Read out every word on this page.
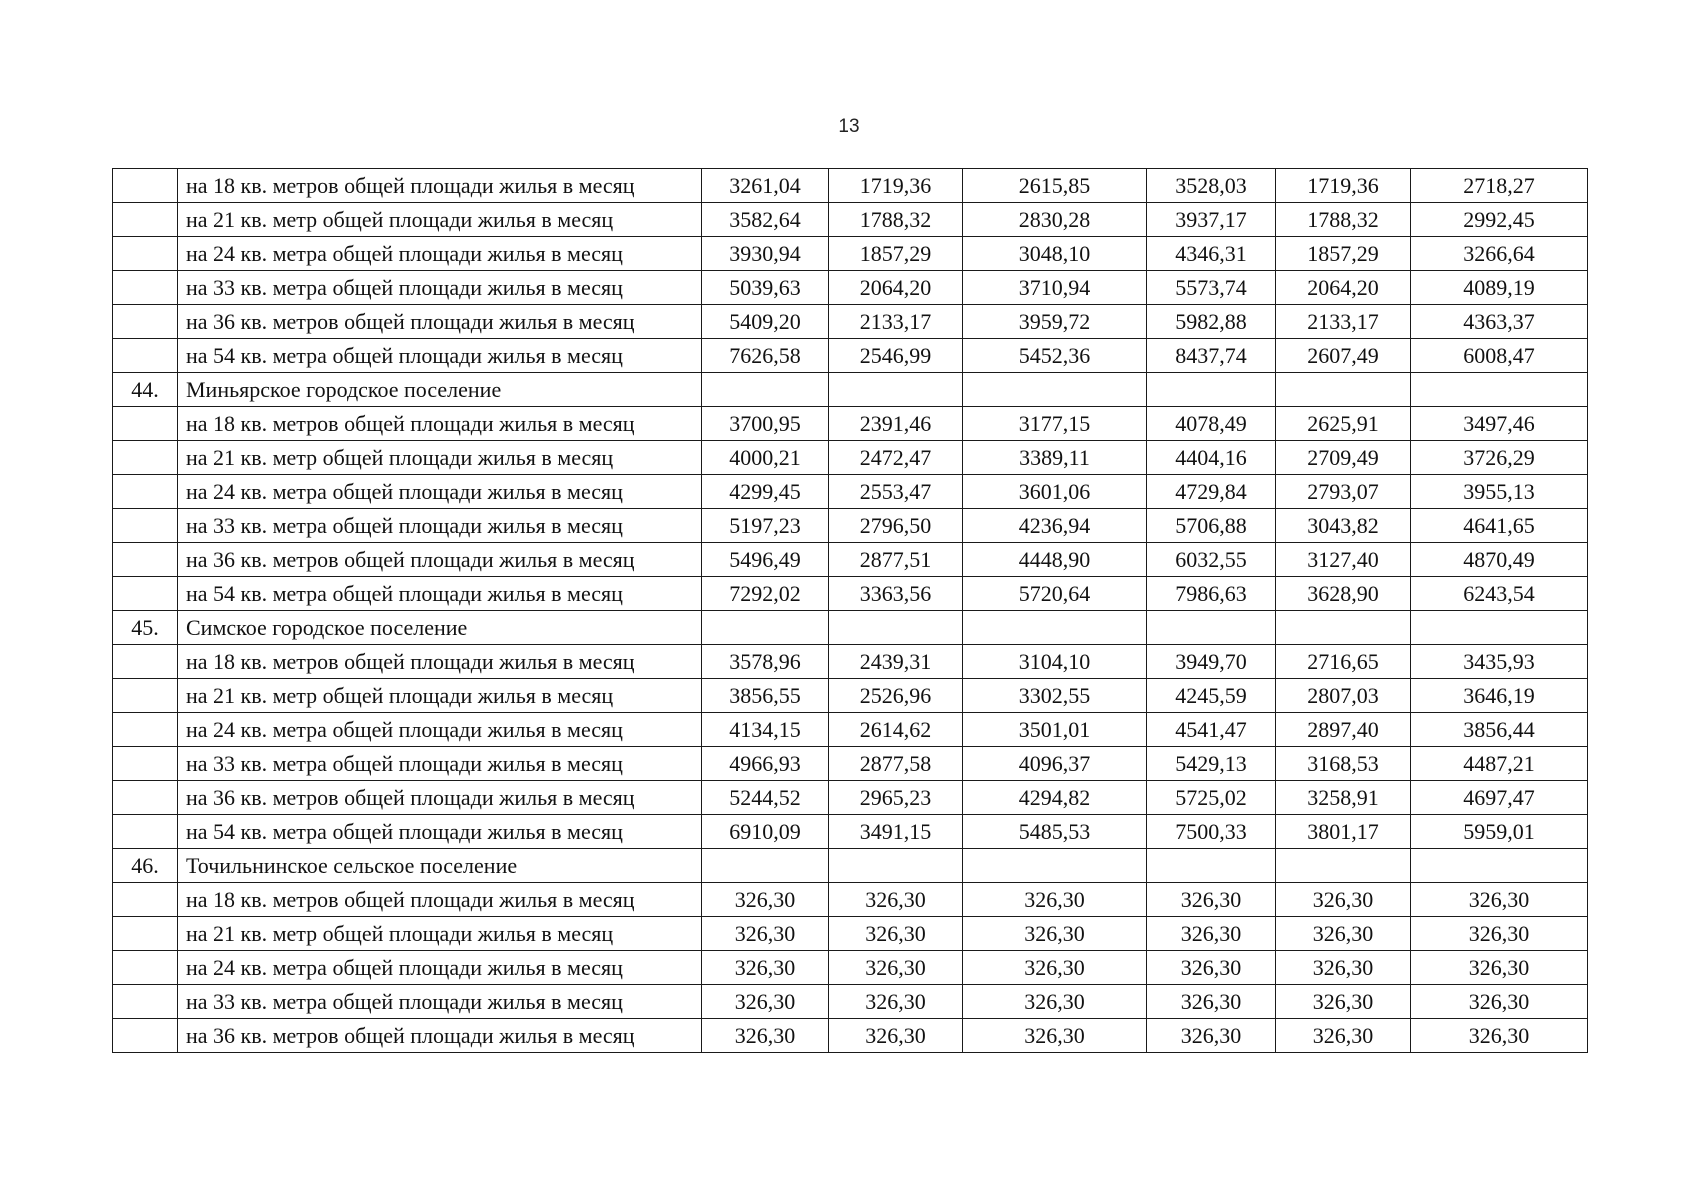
13
	на 18 кв. метров общей площади жилья в месяц	3261,04	1719,36	2615,85	3528,03	1719,36	2718,27
	на 21 кв. метр общей площади жилья в месяц	3582,64	1788,32	2830,28	3937,17	1788,32	2992,45
	на 24 кв. метра общей площади жилья в месяц	3930,94	1857,29	3048,10	4346,31	1857,29	3266,64
	на 33 кв. метра общей площади жилья в месяц	5039,63	2064,20	3710,94	5573,74	2064,20	4089,19
	на 36 кв. метров общей площади жилья в месяц	5409,20	2133,17	3959,72	5982,88	2133,17	4363,37
	на 54 кв. метра общей площади жилья в месяц	7626,58	2546,99	5452,36	8437,74	2607,49	6008,47
44.	Миньярское городское поселение						
	на 18 кв. метров общей площади жилья в месяц	3700,95	2391,46	3177,15	4078,49	2625,91	3497,46
	на 21 кв. метр общей площади жилья в месяц	4000,21	2472,47	3389,11	4404,16	2709,49	3726,29
	на 24 кв. метра общей площади жилья в месяц	4299,45	2553,47	3601,06	4729,84	2793,07	3955,13
	на 33 кв. метра общей площади жилья в месяц	5197,23	2796,50	4236,94	5706,88	3043,82	4641,65
	на 36 кв. метров общей площади жилья в месяц	5496,49	2877,51	4448,90	6032,55	3127,40	4870,49
	на 54 кв. метра общей площади жилья в месяц	7292,02	3363,56	5720,64	7986,63	3628,90	6243,54
45.	Симское городское поселение						
	на 18 кв. метров общей площади жилья в месяц	3578,96	2439,31	3104,10	3949,70	2716,65	3435,93
	на 21 кв. метр общей площади жилья в месяц	3856,55	2526,96	3302,55	4245,59	2807,03	3646,19
	на 24 кв. метра общей площади жилья в месяц	4134,15	2614,62	3501,01	4541,47	2897,40	3856,44
	на 33 кв. метра общей площади жилья в месяц	4966,93	2877,58	4096,37	5429,13	3168,53	4487,21
	на 36 кв. метров общей площади жилья в месяц	5244,52	2965,23	4294,82	5725,02	3258,91	4697,47
	на 54 кв. метра общей площади жилья в месяц	6910,09	3491,15	5485,53	7500,33	3801,17	5959,01
46.	Точильнинское сельское поселение						
	на 18 кв. метров общей площади жилья в месяц	326,30	326,30	326,30	326,30	326,30	326,30
	на 21 кв. метр общей площади жилья в месяц	326,30	326,30	326,30	326,30	326,30	326,30
	на 24 кв. метра общей площади жилья в месяц	326,30	326,30	326,30	326,30	326,30	326,30
	на 33 кв. метра общей площади жилья в месяц	326,30	326,30	326,30	326,30	326,30	326,30
	на 36 кв. метров общей площади жилья в месяц	326,30	326,30	326,30	326,30	326,30	326,30
